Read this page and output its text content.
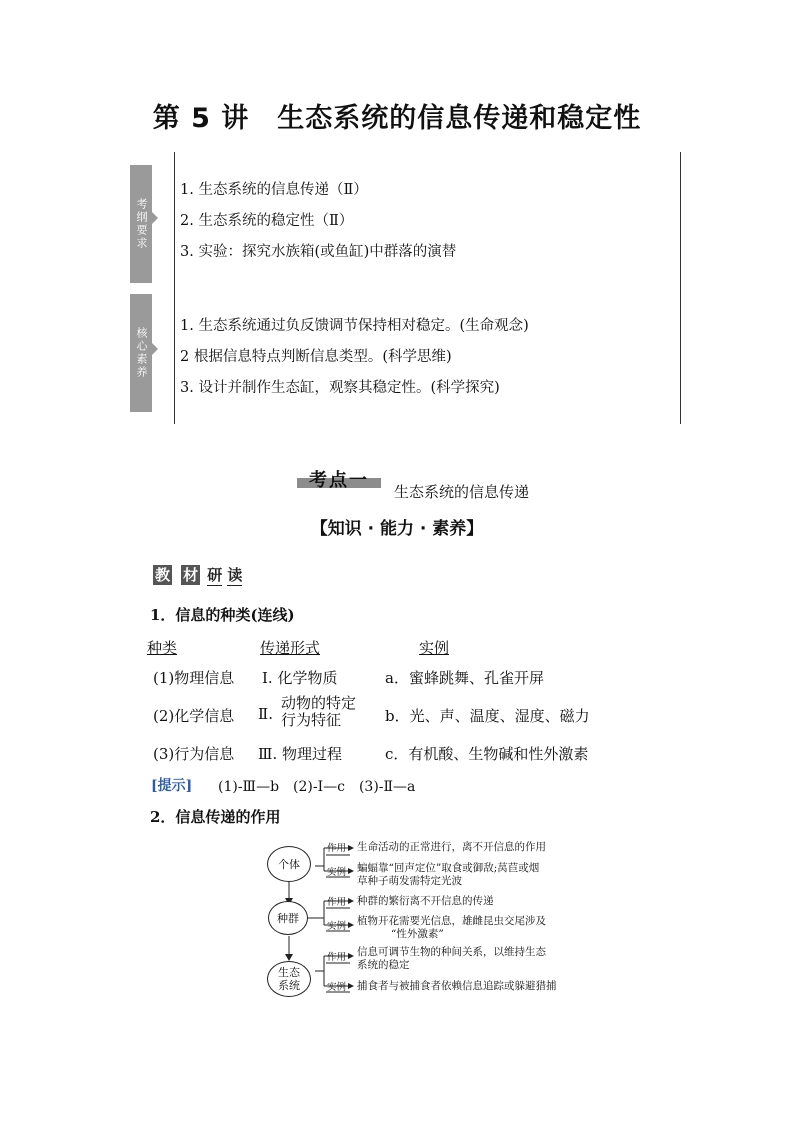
第 5 讲　生态系统的信息传递和稳定性
考纲要求
1. 生态系统的信息传递（Ⅱ）
2. 生态系统的稳定性（Ⅱ）
3. 实验：探究水族箱(或鱼缸)中群落的演替
核心素养
1. 生态系统通过负反馈调节保持相对稳定。(生命观念)
2 根据信息特点判断信息类型。(科学思维)
3. 设计并制作生态缸，观察其稳定性。(科学探究)
考点一
生态系统的信息传递
【知识 · 能力 · 素养】
教 材 研 读
1．信息的种类(连线)
种类	传递形式	实例
(1)物理信息 Ⅰ. 化学物质	a．蜜蜂跳舞、孔雀开屏
(2)化学信息 Ⅱ.
动物的特定
行为特征	b．光、声、温度、湿度、磁力
(3)行为信息 Ⅲ. 物理过程	c．有机酸、生物碱和性外激素
[提示] (1)-Ⅲ—b　(2)-Ⅰ—c　(3)-Ⅱ—a
2．信息传递的作用
个体
种群
生态
系统
作用
实例
作用
实例
作用
实例
生命活动的正常进行，离不开信息的作用
蝙蝠靠“回声定位”取食或御敌;莴苣或烟
草种子萌发需特定光波
种群的繁衍离不开信息的传递
植物开花需要光信息，雄雌昆虫交尾涉及
“性外激素”
信息可调节生物的种间关系，以维持生态
系统的稳定
捕食者与被捕食者依赖信息追踪或躲避猎捕
